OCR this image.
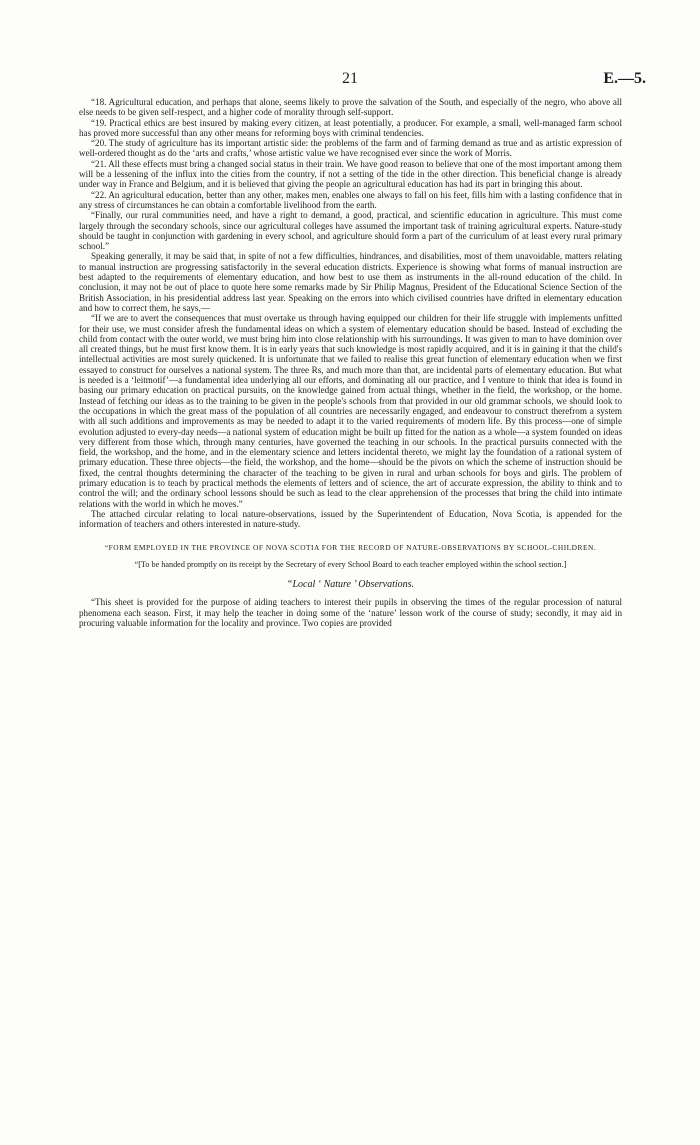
21	E.—5.

“18. Agricultural education, and perhaps that alone, seems likely to prove the salvation of the South, and especially of the negro, who above all else needs to be given self-respect, and a higher code of morality through self-support.

“19. Practical ethics are best insured by making every citizen, at least potentially, a producer. For example, a small, well-managed farm school has proved more successful than any other means for reforming boys with criminal tendencies.

“20. The study of agriculture has its important artistic side: the problems of the farm and of farming demand as true and as artistic expression of well-ordered thought as do the ‘arts and crafts,’ whose artistic value we have recognised ever since the work of Morris.

“21. All these effects must bring a changed social status in their train. We have good reason to believe that one of the most important among them will be a lessening of the influx into the cities from the country, if not a setting of the tide in the other direction. This beneficial change is already under way in France and Belgium, and it is believed that giving the people an agricultural education has had its part in bringing this about.

“22. An agricultural education, better than any other, makes men, enables one always to fall on his feet, fills him with a lasting confidence that in any stress of circumstances he can obtain a comfortable livelihood from the earth.

“Finally, our rural communities need, and have a right to demand, a good, practical, and scientific education in agriculture. This must come largely through the secondary schools, since our agricultural colleges have assumed the important task of training agricultural experts. Nature-study should be taught in conjunction with gardening in every school, and agriculture should form a part of the curriculum of at least every rural primary school.”

Speaking generally, it may be said that, in spite of not a few difficulties, hindrances, and disabilities, most of them unavoidable, matters relating to manual instruction are progressing satisfactorily in the several education districts. Experience is showing what forms of manual instruction are best adapted to the requirements of elementary education, and how best to use them as instruments in the all-round education of the child. In conclusion, it may not be out of place to quote here some remarks made by Sir Philip Magnus, President of the Educational Science Section of the British Association, in his presidential address last year. Speaking on the errors into which civilised countries have drifted in elementary education and how to correct them, he says,—

“If we are to avert the consequences that must overtake us through having equipped our children for their life struggle with implements unfitted for their use, we must consider afresh the fundamental ideas on which a system of elementary education should be based. Instead of excluding the child from contact with the outer world, we must bring him into close relationship with his surroundings. It was given to man to have dominion over all created things, but he must first know them. It is in early years that such knowledge is most rapidly acquired, and it is in gaining it that the child's intellectual activities are most surely quickened. It is unfortunate that we failed to realise this great function of elementary education when we first essayed to construct for ourselves a national system. The three Rs, and much more than that, are incidental parts of elementary education. But what is needed is a ‘leitmotif’—a fundamental idea underlying all our efforts, and dominating all our practice, and I venture to think that idea is found in basing our primary education on practical pursuits, on the knowledge gained from actual things, whether in the field, the workshop, or the home. Instead of fetching our ideas as to the training to be given in the people's schools from that provided in our old grammar schools, we should look to the occupations in which the great mass of the population of all countries are necessarily engaged, and endeavour to construct therefrom a system with all such additions and improvements as may be needed to adapt it to the varied requirements of modern life. By this process—one of simple evolution adjusted to every-day needs—a national system of education might be built up fitted for the nation as a whole—a system founded on ideas very different from those which, through many centuries, have governed the teaching in our schools. In the practical pursuits connected with the field, the workshop, and the home, and in the elementary science and letters incidental thereto, we might lay the foundation of a rational system of primary education. These three objects—the field, the workshop, and the home—should be the pivots on which the scheme of instruction should be fixed, the central thoughts determining the character of the teaching to be given in rural and urban schools for boys and girls. The problem of primary education is to teach by practical methods the elements of letters and of science, the art of accurate expression, the ability to think and to control the will; and the ordinary school lessons should be such as lead to the clear apprehension of the processes that bring the child into intimate relations with the world in which he moves.”

The attached circular relating to local nature-observations, issued by the Superintendent of Education, Nova Scotia, is appended for the information of teachers and others interested in nature-study.

“FORM EMPLOYED IN THE PROVINCE OF NOVA SCOTIA FOR THE RECORD OF NATURE-OBSERVATIONS BY SCHOOL-CHILDREN.
“[To be handed promptly on its receipt by the Secretary of every School Board to each teacher employed within the school section.]
“Local ‘ Nature ’ Observations.

“This sheet is provided for the purpose of aiding teachers to interest their pupils in observing the times of the regular procession of natural phenomena each season. First, it may help the teacher in doing some of the ‘nature’ lesson work of the course of study; secondly, it may aid in procuring valuable information for the locality and province. Two copies are provided
